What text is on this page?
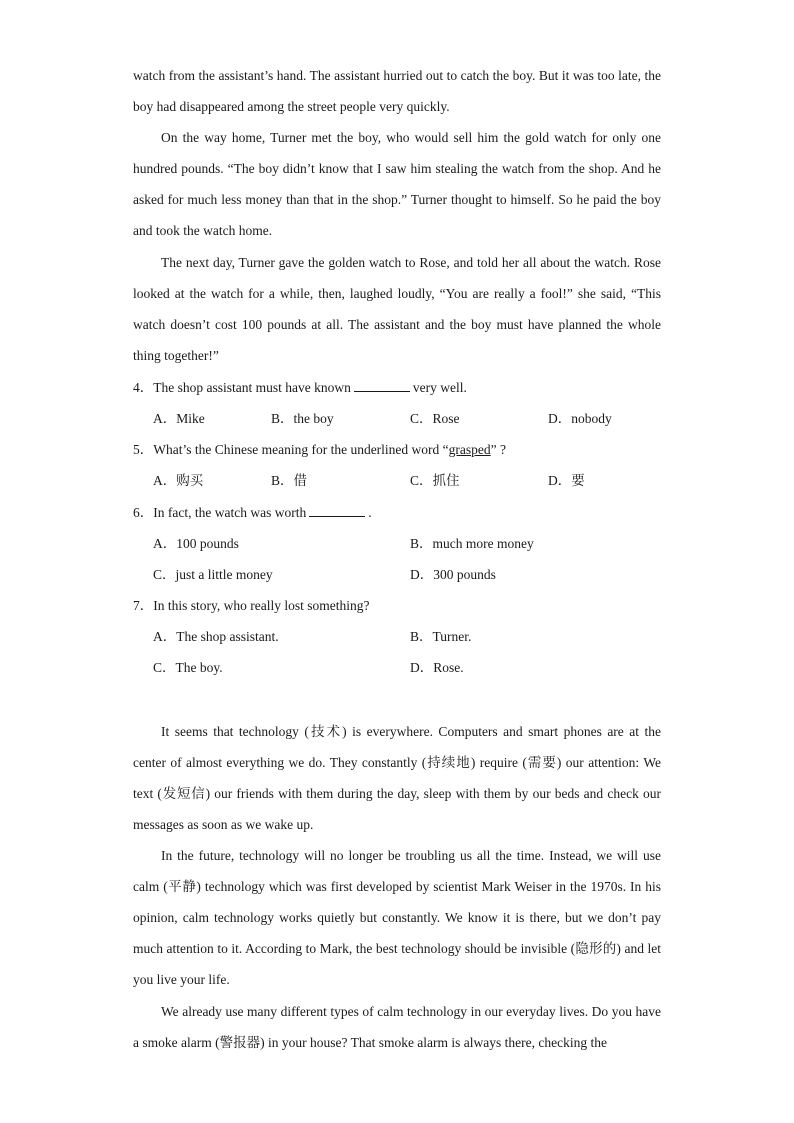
watch from the assistant’s hand. The assistant hurried out to catch the boy. But it was too late, the boy had disappeared among the street people very quickly.

On the way home, Turner met the boy, who would sell him the gold watch for only one hundred pounds. “The boy didn’t know that I saw him stealing the watch from the shop. And he asked for much less money than that in the shop.” Turner thought to himself. So he paid the boy and took the watch home.

The next day, Turner gave the golden watch to Rose, and told her all about the watch. Rose looked at the watch for a while, then, laughed loudly, “You are really a fool!” she said, “This watch doesn’t cost 100 pounds at all. The assistant and the boy must have planned the whole thing together!”

4．The shop assistant must have known	very well.

A．Mike	B．the boy	C．Rose	D．nobody

5．What’s the Chinese meaning for the underlined word “grasped” ?

A．购买	B．借	C．抓住	D．要

6．In fact, the watch was worth	.

A．100 pounds	B．much more money

C．just a little money	D．300 pounds

7．In this story, who really lost something?

A．The shop assistant.	B．Turner.

C．The boy.	D．Rose.

It seems that technology (技术) is everywhere. Computers and smart phones are at the center of almost everything we do. They constantly (持续地) require (需要) our attention: We text (发短信) our friends with them during the day, sleep with them by our beds and check our messages as soon as we wake up.

In the future, technology will no longer be troubling us all the time. Instead, we will use calm (平静) technology which was first developed by scientist Mark Weiser in the 1970s. In his opinion, calm technology works quietly but constantly. We know it is there, but we don’t pay much attention to it. According to Mark, the best technology should be invisible (隐形的) and let you live your life.

We already use many different types of calm technology in our everyday lives. Do you have a smoke alarm (警报器) in your house? That smoke alarm is always there, checking the
